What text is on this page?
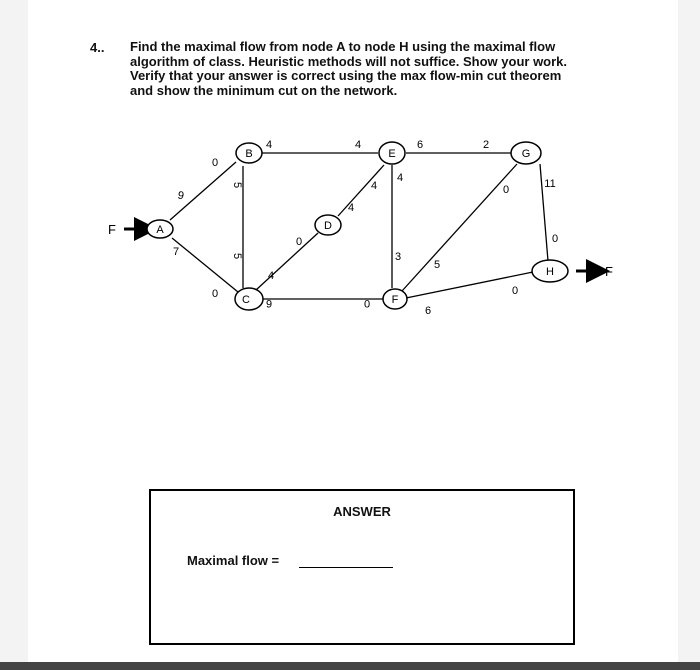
4.. Find the maximal flow from node A to node H using the maximal flow
algorithm of class. Heuristic methods will not suffice. Show your work.
Verify that your answer is correct using the max flow-min cut theorem
and show the minimum cut on the network.
F
F
A
B
C
D
E
F
G
H
9
0
7
0
5
5
4	4
4
0
4
4
6	0
4
3
6	2
5
0
6
0
11
0
ANSWER
Maximal flow =
